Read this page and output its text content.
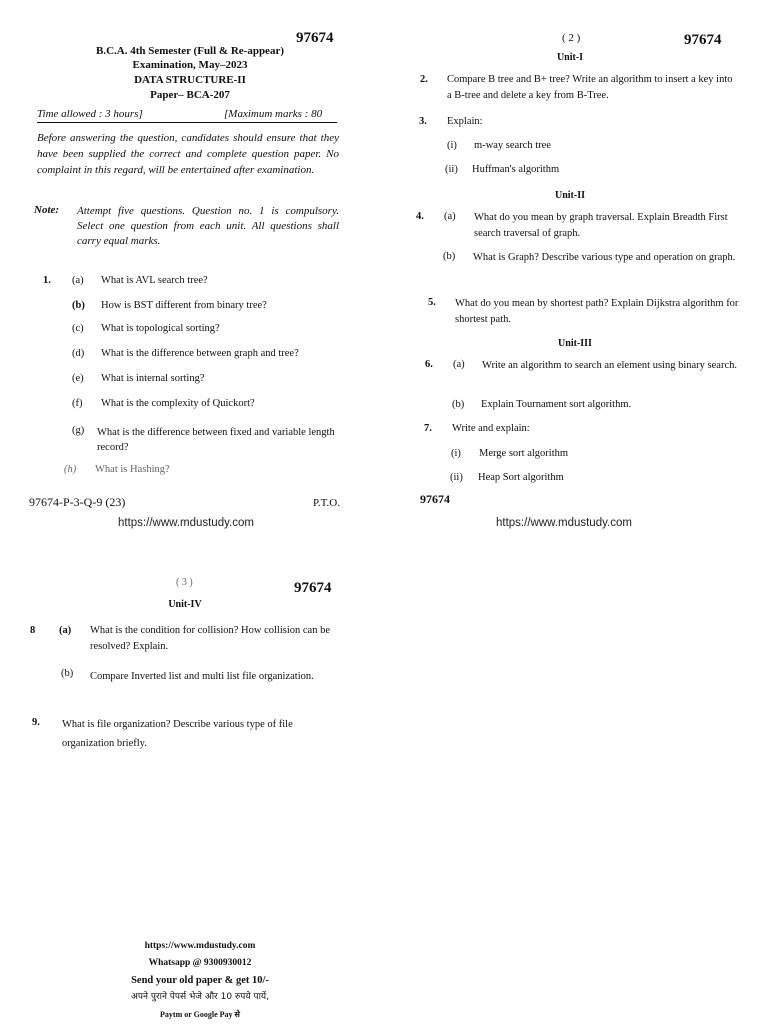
97674
B.C.A. 4th Semester (Full & Re-appear)
Examination, May–2023
DATA STRUCTURE-II
Paper– BCA-207
Time allowed : 3 hours]	[Maximum marks : 80
Before answering the question, candidates should ensure that they have been supplied the correct and complete question paper. No complaint in this regard, will be entertained after examination.
Note: Attempt five questions. Question no. 1 is compulsory. Select one question from each unit. All questions shall carry equal marks.
1. (a) What is AVL search tree?
(b) How is BST different from binary tree?
(c) What is topological sorting?
(d) What is the difference between graph and tree?
(e) What is internal sorting?
(f) What is the complexity of Quickort?
(g) What is the difference between fixed and variable length record?
(h) What is Hashing?
97674-P-3-Q-9 (23)	P.T.O.
https://www.mdustudy.com
( 2 )	97674
Unit-I
2. Compare B tree and B+ tree? Write an algorithm to insert a key into a B-tree and delete a key from B-Tree.
3. Explain:
(i) m-way search tree
(ii) Huffman's algorithm
Unit-II
4. (a) What do you mean by graph traversal. Explain Breadth First search traversal of graph.
(b) What is Graph? Describe various type and operation on graph.
5. What do you mean by shortest path? Explain Dijkstra algorithm for shortest path.
Unit-III
6. (a) Write an algorithm to search an element using binary search.
(b) Explain Tournament sort algorithm.
7. Write and explain:
(i) Merge sort algorithm
(ii) Heap Sort algorithm
97674
https://www.mdustudy.com
( 3 )	97674
Unit-IV
8 (a) What is the condition for collision? How collision can be resolved? Explain.
(b) Compare Inverted list and multi list file organization.
9. What is file organization? Describe various type of file organization briefly.
https://www.mdustudy.com
Whatsapp @ 9300930012
Send your old paper & get 10/-
अपने पुराने पेपर्स भेजे और 10 रुपये पायें,
Paytm or Google Pay से
